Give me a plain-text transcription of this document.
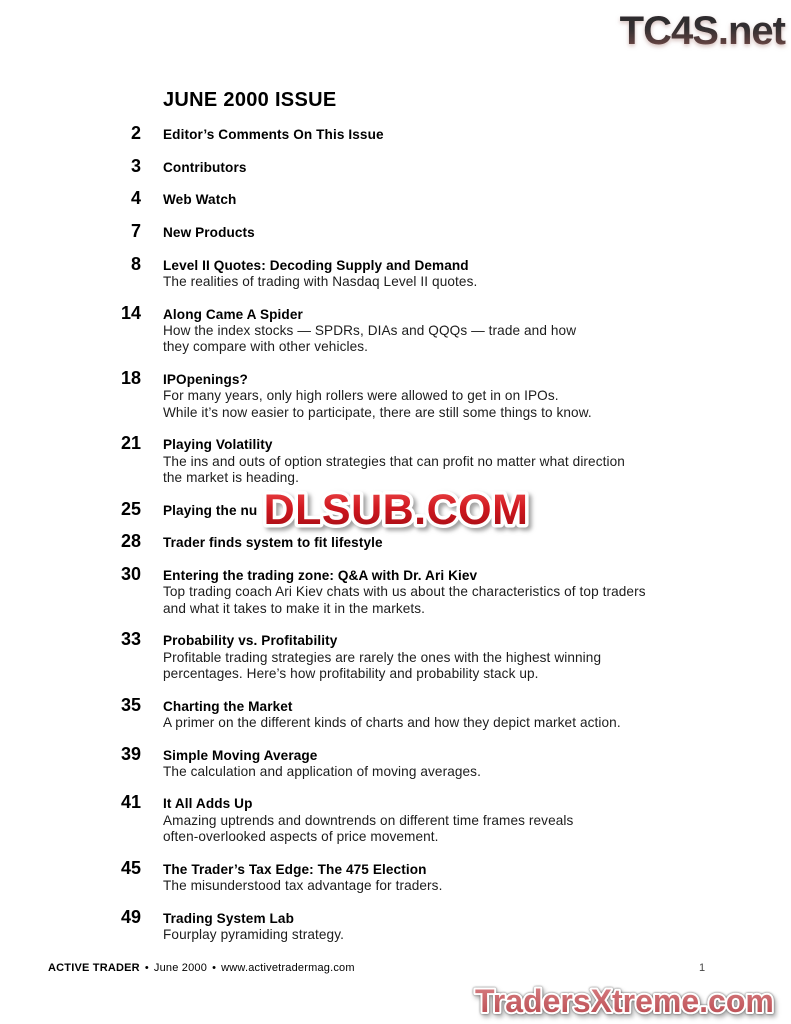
TC4S.net
JUNE 2000 ISSUE
2 Editor’s Comments On This Issue
3 Contributors
4 Web Watch
7 New Products
8 Level II Quotes: Decoding Supply and Demand
The realities of trading with Nasdaq Level II quotes.
14 Along Came A Spider
How the index stocks — SPDRs, DIAs and QQQs — trade and how
they compare with other vehicles.
18 IPOpenings?
For many years, only high rollers were allowed to get in on IPOs.
While it’s now easier to participate, there are still some things to know.
21 Playing Volatility
The ins and outs of option strategies that can profit no matter what direction
the market is heading.
25 Playing the nu
28 Trader finds system to fit lifestyle
30 Entering the trading zone: Q&A with Dr. Ari Kiev
Top trading coach Ari Kiev chats with us about the characteristics of top traders
and what it takes to make it in the markets.
33 Probability vs. Profitability
Profitable trading strategies are rarely the ones with the highest winning
percentages. Here’s how profitability and probability stack up.
35 Charting the Market
A primer on the different kinds of charts and how they depict market action.
39 Simple Moving Average
The calculation and application of moving averages.
41 It All Adds Up
Amazing uptrends and downtrends on different time frames reveals
often-overlooked aspects of price movement.
45 The Trader’s Tax Edge: The 475 Election
The misunderstood tax advantage for traders.
49 Trading System Lab
Fourplay pyramiding strategy.
DLSUB.COM
ACTIVE TRADER • June 2000 • www.activetradermag.com	1
TradersXtreme.com
